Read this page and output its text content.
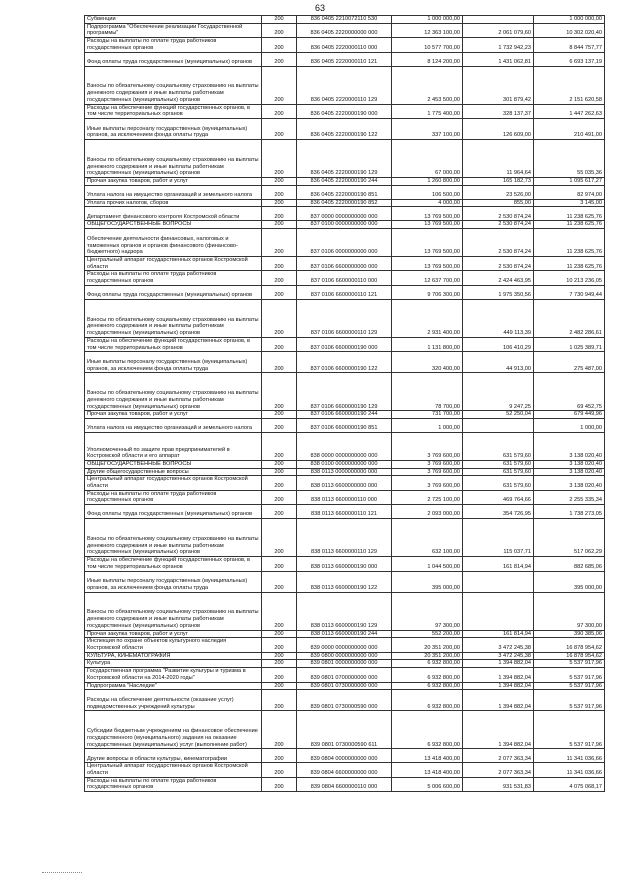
63
Субвенции	200	836 0405 2210072110 530	1 000 000,00		1 000 000,00
Подпрограмма "Обеспечение реализации Государственной программы"	200	836 0405 2220000000 000	12 363 100,00	2 061 079,60	10 302 020,40
Расходы на выплаты по оплате труда работников государственных органов	200	836 0405 2220000110 000	10 577 700,00	1 732 942,23	8 844 757,77
Фонд оплаты труда государственных (муниципальных) органов	200	836 0405 2220000110 121	8 124 200,00	1 431 062,81	6 693 137,19
Взносы по обязательному социальному страхованию на выплаты денежного содержания и иные выплаты работникам государственных (муниципальных) органов	200	836 0405 2220000110 129	2 453 500,00	301 879,42	2 151 620,58
Расходы на обеспечение функций государственных органов, в том числе территориальных органов	200	836 0405 2220000190 000	1 775 400,00	328 137,37	1 447 262,63
Иные выплаты персоналу государственных (муниципальных) органов, за исключением фонда оплаты труда	200	836 0405 2220000190 122	337 100,00	126 609,00	210 491,00
Взносы по обязательному социальному страхованию на выплаты денежного содержания и иные выплаты работникам государственных (муниципальных) органов	200	836 0405 2220000190 129	67 000,00	11 964,64	55 035,36
Прочая закупка товаров, работ и услуг	200	836 0405 2220000190 244	1 260 800,00	165 182,73	1 095 617,27
Уплата налога на имущество организаций и земельного налога	200	836 0405 2220000190 851	106 500,00	23 526,00	82 974,00
Уплата прочих налогов, сборов	200	836 0405 2220000190 852	4 000,00	855,00	3 145,00
Департамент финансового контроля Костромской области	200	837 0000 0000000000 000	13 769 500,00	2 530 874,24	11 238 625,76
ОБЩЕГОСУДАРСТВЕННЫЕ ВОПРОСЫ	200	837 0100 0000000000 000	13 769 500,00	2 530 874,24	11 238 625,76
Обеспечение деятельности финансовых, налоговых и таможенных органов и органов финансового (финансово-бюджетного) надзора	200	837 0106 0000000000 000	13 769 500,00	2 530 874,24	11 238 625,76
Центральный аппарат государственных органов Костромской области	200	837 0106 6600000000 000	13 769 500,00	2 530 874,24	11 238 625,76
Расходы на выплаты по оплате труда работников государственных органов	200	837 0106 6600000110 000	12 637 700,00	2 424 463,95	10 213 236,05
Фонд оплаты труда государственных (муниципальных) органов	200	837 0106 6600000110 121	9 706 300,00	1 975 350,56	7 730 949,44
Взносы по обязательному социальному страхованию на выплаты денежного содержания и иные выплаты работникам государственных (муниципальных) органов	200	837 0106 6600000110 129	2 931 400,00	449 113,39	2 482 286,61
Расходы на обеспечение функций государственных органов, в том числе территориальных органов	200	837 0106 6600000190 000	1 131 800,00	106 410,29	1 025 389,71
Иные выплаты персоналу государственных (муниципальных) органов, за исключением фонда оплаты труда	200	837 0106 6600000190 122	320 400,00	44 913,00	275 487,00
Взносы по обязательному социальному страхованию на выплаты денежного содержания и иные выплаты работникам государственных (муниципальных) органов	200	837 0106 6600000190 129	78 700,00	9 247,25	69 452,75
Прочая закупка товаров, работ и услуг	200	837 0106 6600000190 244	731 700,00	52 250,04	679 449,96
Уплата налога на имущество организаций и земельного налога	200	837 0106 6600000190 851	1 000,00		1 000,00
Уполномоченный по защите прав предпринимателей в Костромской области и его аппарат	200	838 0000 0000000000 000	3 769 600,00	631 579,60	3 138 020,40
ОБЩЕГОСУДАРСТВЕННЫЕ ВОПРОСЫ	200	838 0100 0000000000 000	3 769 600,00	631 579,60	3 138 020,40
Другие общегосударственные вопросы	200	838 0113 0000000000 000	3 769 600,00	631 579,60	3 138 020,40
Центральный аппарат государственных органов Костромской области	200	838 0113 6600000000 000	3 769 600,00	631 579,60	3 138 020,40
Расходы на выплаты по оплате труда работников государственных органов	200	838 0113 6600000110 000	2 725 100,00	469 764,66	2 255 335,34
Фонд оплаты труда государственных (муниципальных) органов	200	838 0113 6600000110 121	2 093 000,00	354 726,95	1 738 273,05
Взносы по обязательному социальному страхованию на выплаты денежного содержания и иные выплаты работникам государственных (муниципальных) органов	200	838 0113 6600000110 129	632 100,00	115 037,71	517 062,29
Расходы на обеспечение функций государственных органов, в том числе территориальных органов	200	838 0113 6600000190 000	1 044 500,00	161 814,94	882 685,06
Иные выплаты персоналу государственных (муниципальных) органов, за исключением фонда оплаты труда	200	838 0113 6600000190 122	395 000,00		395 000,00
Взносы по обязательному социальному страхованию на выплаты денежного содержания и иные выплаты работникам государственных (муниципальных) органов	200	838 0113 6600000190 129	97 300,00		97 300,00
Прочая закупка товаров, работ и услуг	200	838 0113 6600000190 244	552 200,00	161 814,94	390 385,06
Инспекция по охране объектов культурного наследия Костромской области	200	839 0000 0000000000 000	20 351 200,00	3 472 245,38	16 878 954,62
КУЛЬТУРА, КИНЕМАТОГРАФИЯ	200	839 0800 0000000000 000	20 351 200,00	3 472 245,38	16 878 954,62
Культура	200	839 0801 0000000000 000	6 932 800,00	1 394 882,04	5 537 917,96
Государственная программа "Развитие культуры и туризма в Костромской области на 2014-2020 годы"	200	839 0801 0700000000 000	6 932 800,00	1 394 882,04	5 537 917,96
Подпрограмма "Наследие"	200	839 0801 0730000000 000	6 932 800,00	1 394 882,04	5 537 917,96
Расходы на обеспечение деятельности (оказание услуг) подведомственных учреждений культуры	200	839 0801 0730000590 000	6 932 800,00	1 394 882,04	5 537 917,96
Субсидии бюджетным учреждениям на финансовое обеспечение государственного (муниципального) задания на оказание государственных (муниципальных) услуг (выполнение работ)	200	839 0801 0730000590 611	6 932 800,00	1 394 882,04	5 537 917,96
Другие вопросы в области культуры, кинематографии	200	839 0804 0000000000 000	13 418 400,00	2 077 363,34	11 341 036,66
Центральный аппарат государственных органов Костромской области	200	839 0804 6600000000 000	13 418 400,00	2 077 363,34	11 341 036,66
Расходы на выплаты по оплате труда работников государственных органов	200	839 0804 6600000110 000	5 006 600,00	931 531,83	4 075 068,17
